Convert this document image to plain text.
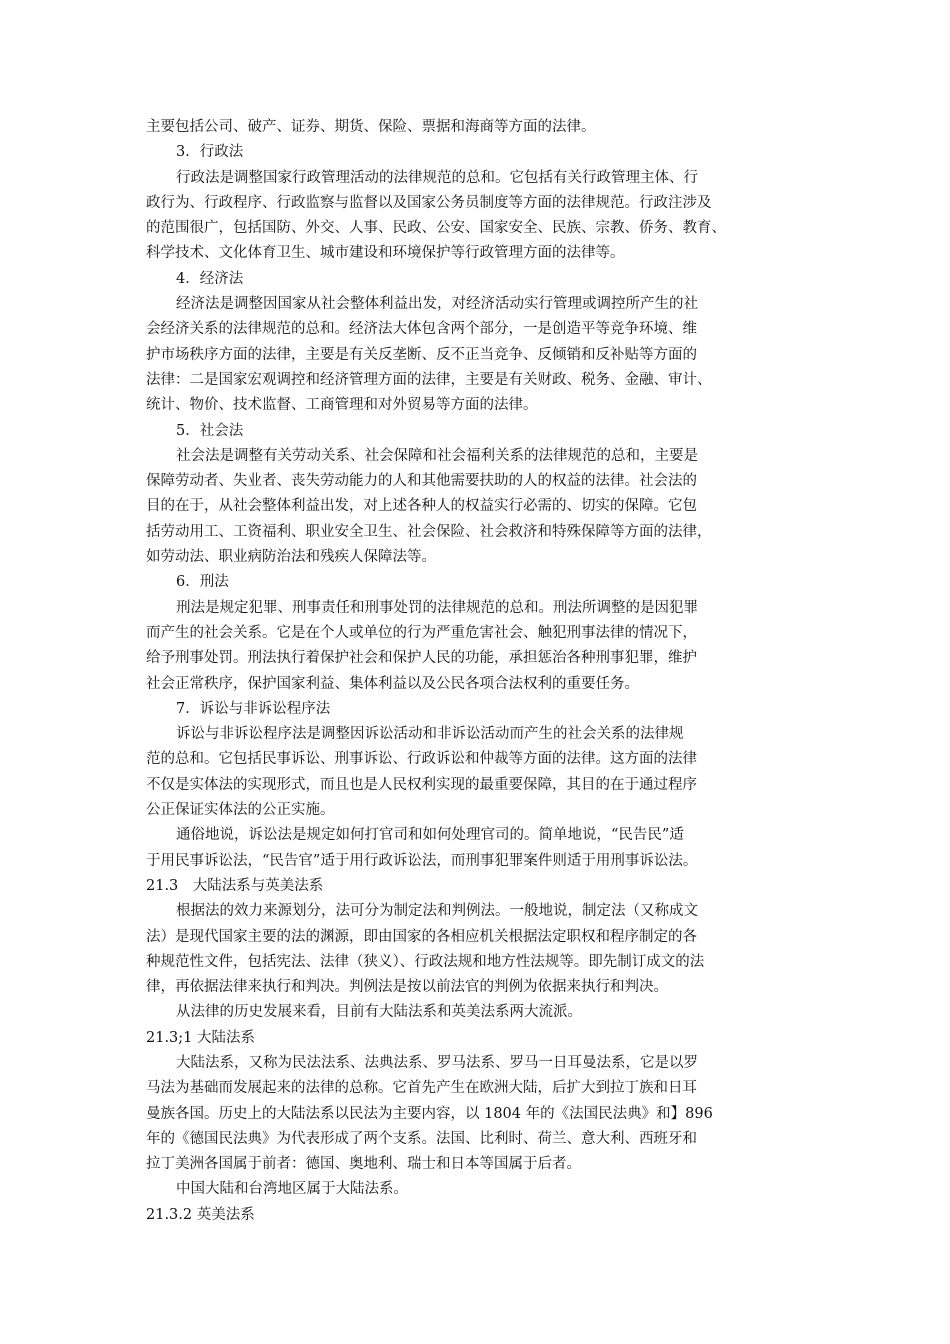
主要包括公司、破产、证券、期货、保险、票据和海商等方面的法律。
3．行政法
行政法是调整国家行政管理活动的法律规范的总和。它包括有关行政管理主体、行
政行为、行政程序、行政监察与监督以及国家公务员制度等方面的法律规范。行政注涉及
的范围很广，包括国防、外交、人事、民政、公安、国家安全、民族、宗教、侨务、教育、
科学技术、文化体育卫生、城市建设和环境保护等行政管理方面的法律等。
4．经济法
经济法是调整因国家从社会整体利益出发，对经济活动实行管理或调控所产生的社
会经济关系的法律规范的总和。经济法大体包含两个部分，一是创造平等竞争环境、维
护市场秩序方面的法律，主要是有关反垄断、反不正当竞争、反倾销和反补贴等方面的
法律：二是国家宏观调控和经济管理方面的法律，主要是有关财政、税务、金融、审计、
统计、物价、技术监督、工商管理和对外贸易等方面的法律。
5．社会法
社会法是调整有关劳动关系、社会保障和社会福利关系的法律规范的总和，主要是
保障劳动者、失业者、丧失劳动能力的人和其他需要扶助的人的权益的法律。社会法的
目的在于，从社会整体利益出发，对上述各种人的权益实行必需的、切实的保障。它包
括劳动用工、工资福利、职业安全卫生、社会保险、社会救济和特殊保障等方面的法律，
如劳动法、职业病防治法和残疾人保障法等。
6．刑法
刑法是规定犯罪、刑事责任和刑事处罚的法律规范的总和。刑法所调整的是因犯罪
而产生的社会关系。它是在个人或单位的行为严重危害社会、触犯刑事法律的情况下，
给予刑事处罚。刑法执行着保护社会和保护人民的功能，承担惩治各种刑事犯罪，维护
社会正常秩序，保护国家利益、集体利益以及公民各项合法权利的重要任务。
7．诉讼与非诉讼程序法
诉讼与非诉讼程序法是调整因诉讼活动和非诉讼活动而产生的社会关系的法律规
范的总和。它包括民事诉讼、刑事诉讼、行政诉讼和仲裁等方面的法律。这方面的法律
不仅是实体法的实现形式，而且也是人民权利实现的最重要保障，其目的在于通过程序
公正保证实体法的公正实施。
通俗地说，诉讼法是规定如何打官司和如何处理官司的。简单地说，“民告民”适
于用民事诉讼法，“民告官”适于用行政诉讼法，而刑事犯罪案件则适于用刑事诉讼法。
21.3　大陆法系与英美法系
根据法的效力来源划分，法可分为制定法和判例法。一般地说，制定法（又称成文
法）是现代国家主要的法的渊源，即由国家的各相应机关根据法定职权和程序制定的各
种规范性文件，包括宪法、法律（狭义）、行政法规和地方性法规等。即先制订成文的法
律，再依据法律来执行和判决。判例法是按以前法官的判例为依据来执行和判决。
从法律的历史发展来看，目前有大陆法系和英美法系两大流派。
21.3;1 大陆法系
大陆法系，又称为民法法系、法典法系、罗马法系、罗马一日耳曼法系，它是以罗
马法为基础而发展起来的法律的总称。它首先产生在欧洲大陆，后扩大到拉丁族和日耳
曼族各国。历史上的大陆法系以民法为主要内容，以 1804 年的《法国民法典》和】896
年的《德国民法典》为代表形成了两个支系。法国、比利时、荷兰、意大利、西班牙和
拉丁美洲各国属于前者：德国、奥地利、瑞士和日本等国属于后者。
中国大陆和台湾地区属于大陆法系。
21.3.2 英美法系
